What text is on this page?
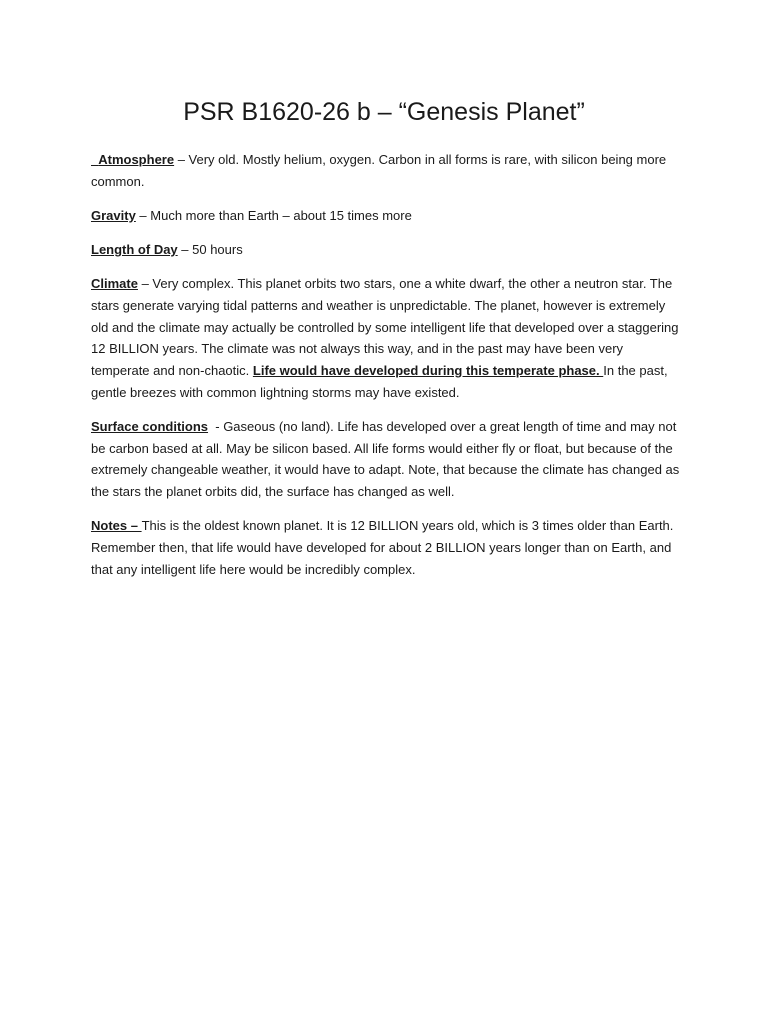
PSR B1620-26 b – “Genesis Planet”

Atmosphere – Very old. Mostly helium, oxygen. Carbon in all forms is rare, with silicon being more common.

Gravity – Much more than Earth – about 15 times more

Length of Day – 50 hours

Climate – Very complex. This planet orbits two stars, one a white dwarf, the other a neutron star. The stars generate varying tidal patterns and weather is unpredictable. The planet, however is extremely old and the climate may actually be controlled by some intelligent life that developed over a staggering 12 BILLION years. The climate was not always this way, and in the past may have been very temperate and non-chaotic. Life would have developed during this temperate phase. In the past, gentle breezes with common lightning storms may have existed.

Surface conditions  - Gaseous (no land). Life has developed over a great length of time and may not be carbon based at all. May be silicon based. All life forms would either fly or float, but because of the extremely changeable weather, it would have to adapt. Note, that because the climate has changed as the stars the planet orbits did, the surface has changed as well.

Notes – This is the oldest known planet. It is 12 BILLION years old, which is 3 times older than Earth. Remember then, that life would have developed for about 2 BILLION years longer than on Earth, and that any intelligent life here would be incredibly complex.
